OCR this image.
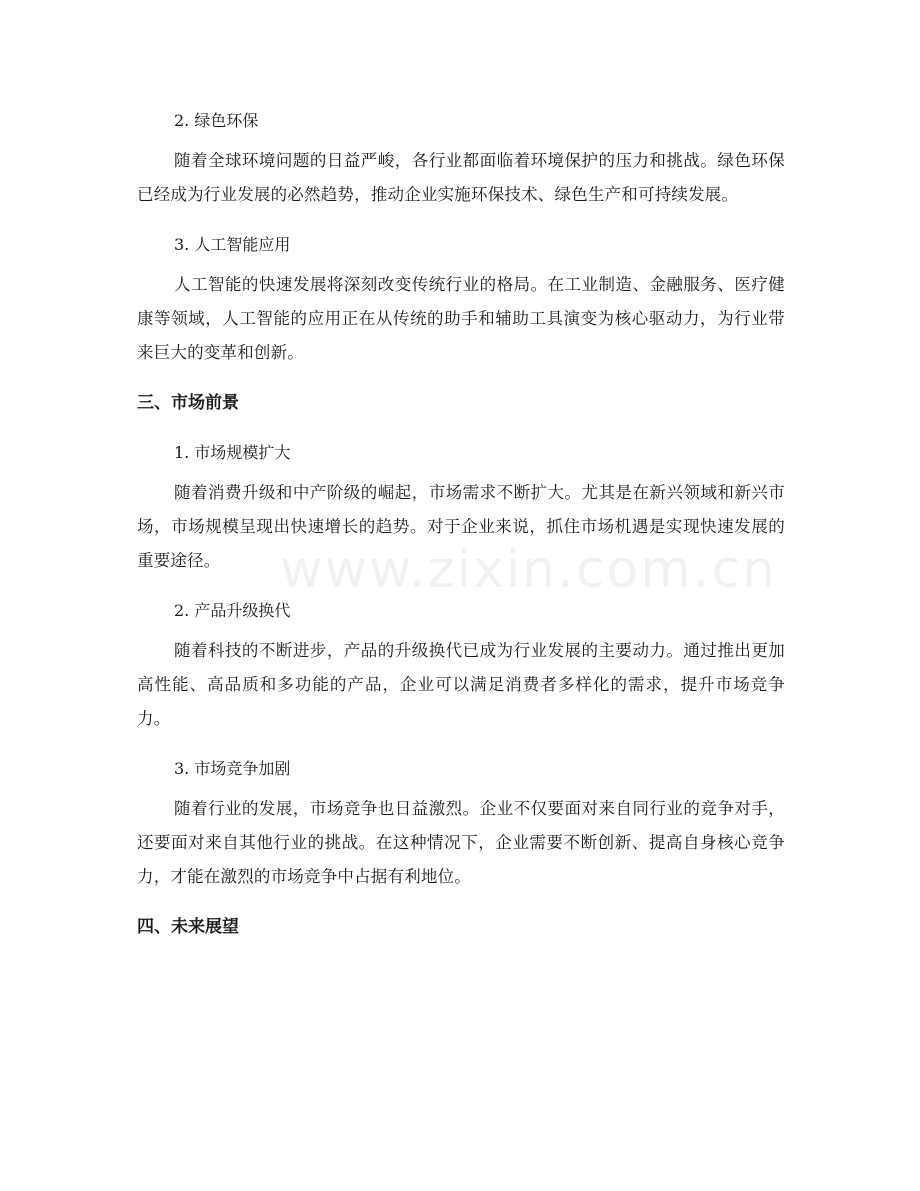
www.zixin.com.cn

2. 绿色环保

随着全球环境问题的日益严峻，各行业都面临着环境保护的压力和挑战。绿色环保已经成为行业发展的必然趋势，推动企业实施环保技术、绿色生产和可持续发展。

3. 人工智能应用

人工智能的快速发展将深刻改变传统行业的格局。在工业制造、金融服务、医疗健康等领域，人工智能的应用正在从传统的助手和辅助工具演变为核心驱动力，为行业带来巨大的变革和创新。

三、市场前景

1. 市场规模扩大

随着消费升级和中产阶级的崛起，市场需求不断扩大。尤其是在新兴领域和新兴市场，市场规模呈现出快速增长的趋势。对于企业来说，抓住市场机遇是实现快速发展的重要途径。

2. 产品升级换代

随着科技的不断进步，产品的升级换代已成为行业发展的主要动力。通过推出更加高性能、高品质和多功能的产品，企业可以满足消费者多样化的需求，提升市场竞争力。

3. 市场竞争加剧

随着行业的发展，市场竞争也日益激烈。企业不仅要面对来自同行业的竞争对手，还要面对来自其他行业的挑战。在这种情况下，企业需要不断创新、提高自身核心竞争力，才能在激烈的市场竞争中占据有利地位。

四、未来展望
